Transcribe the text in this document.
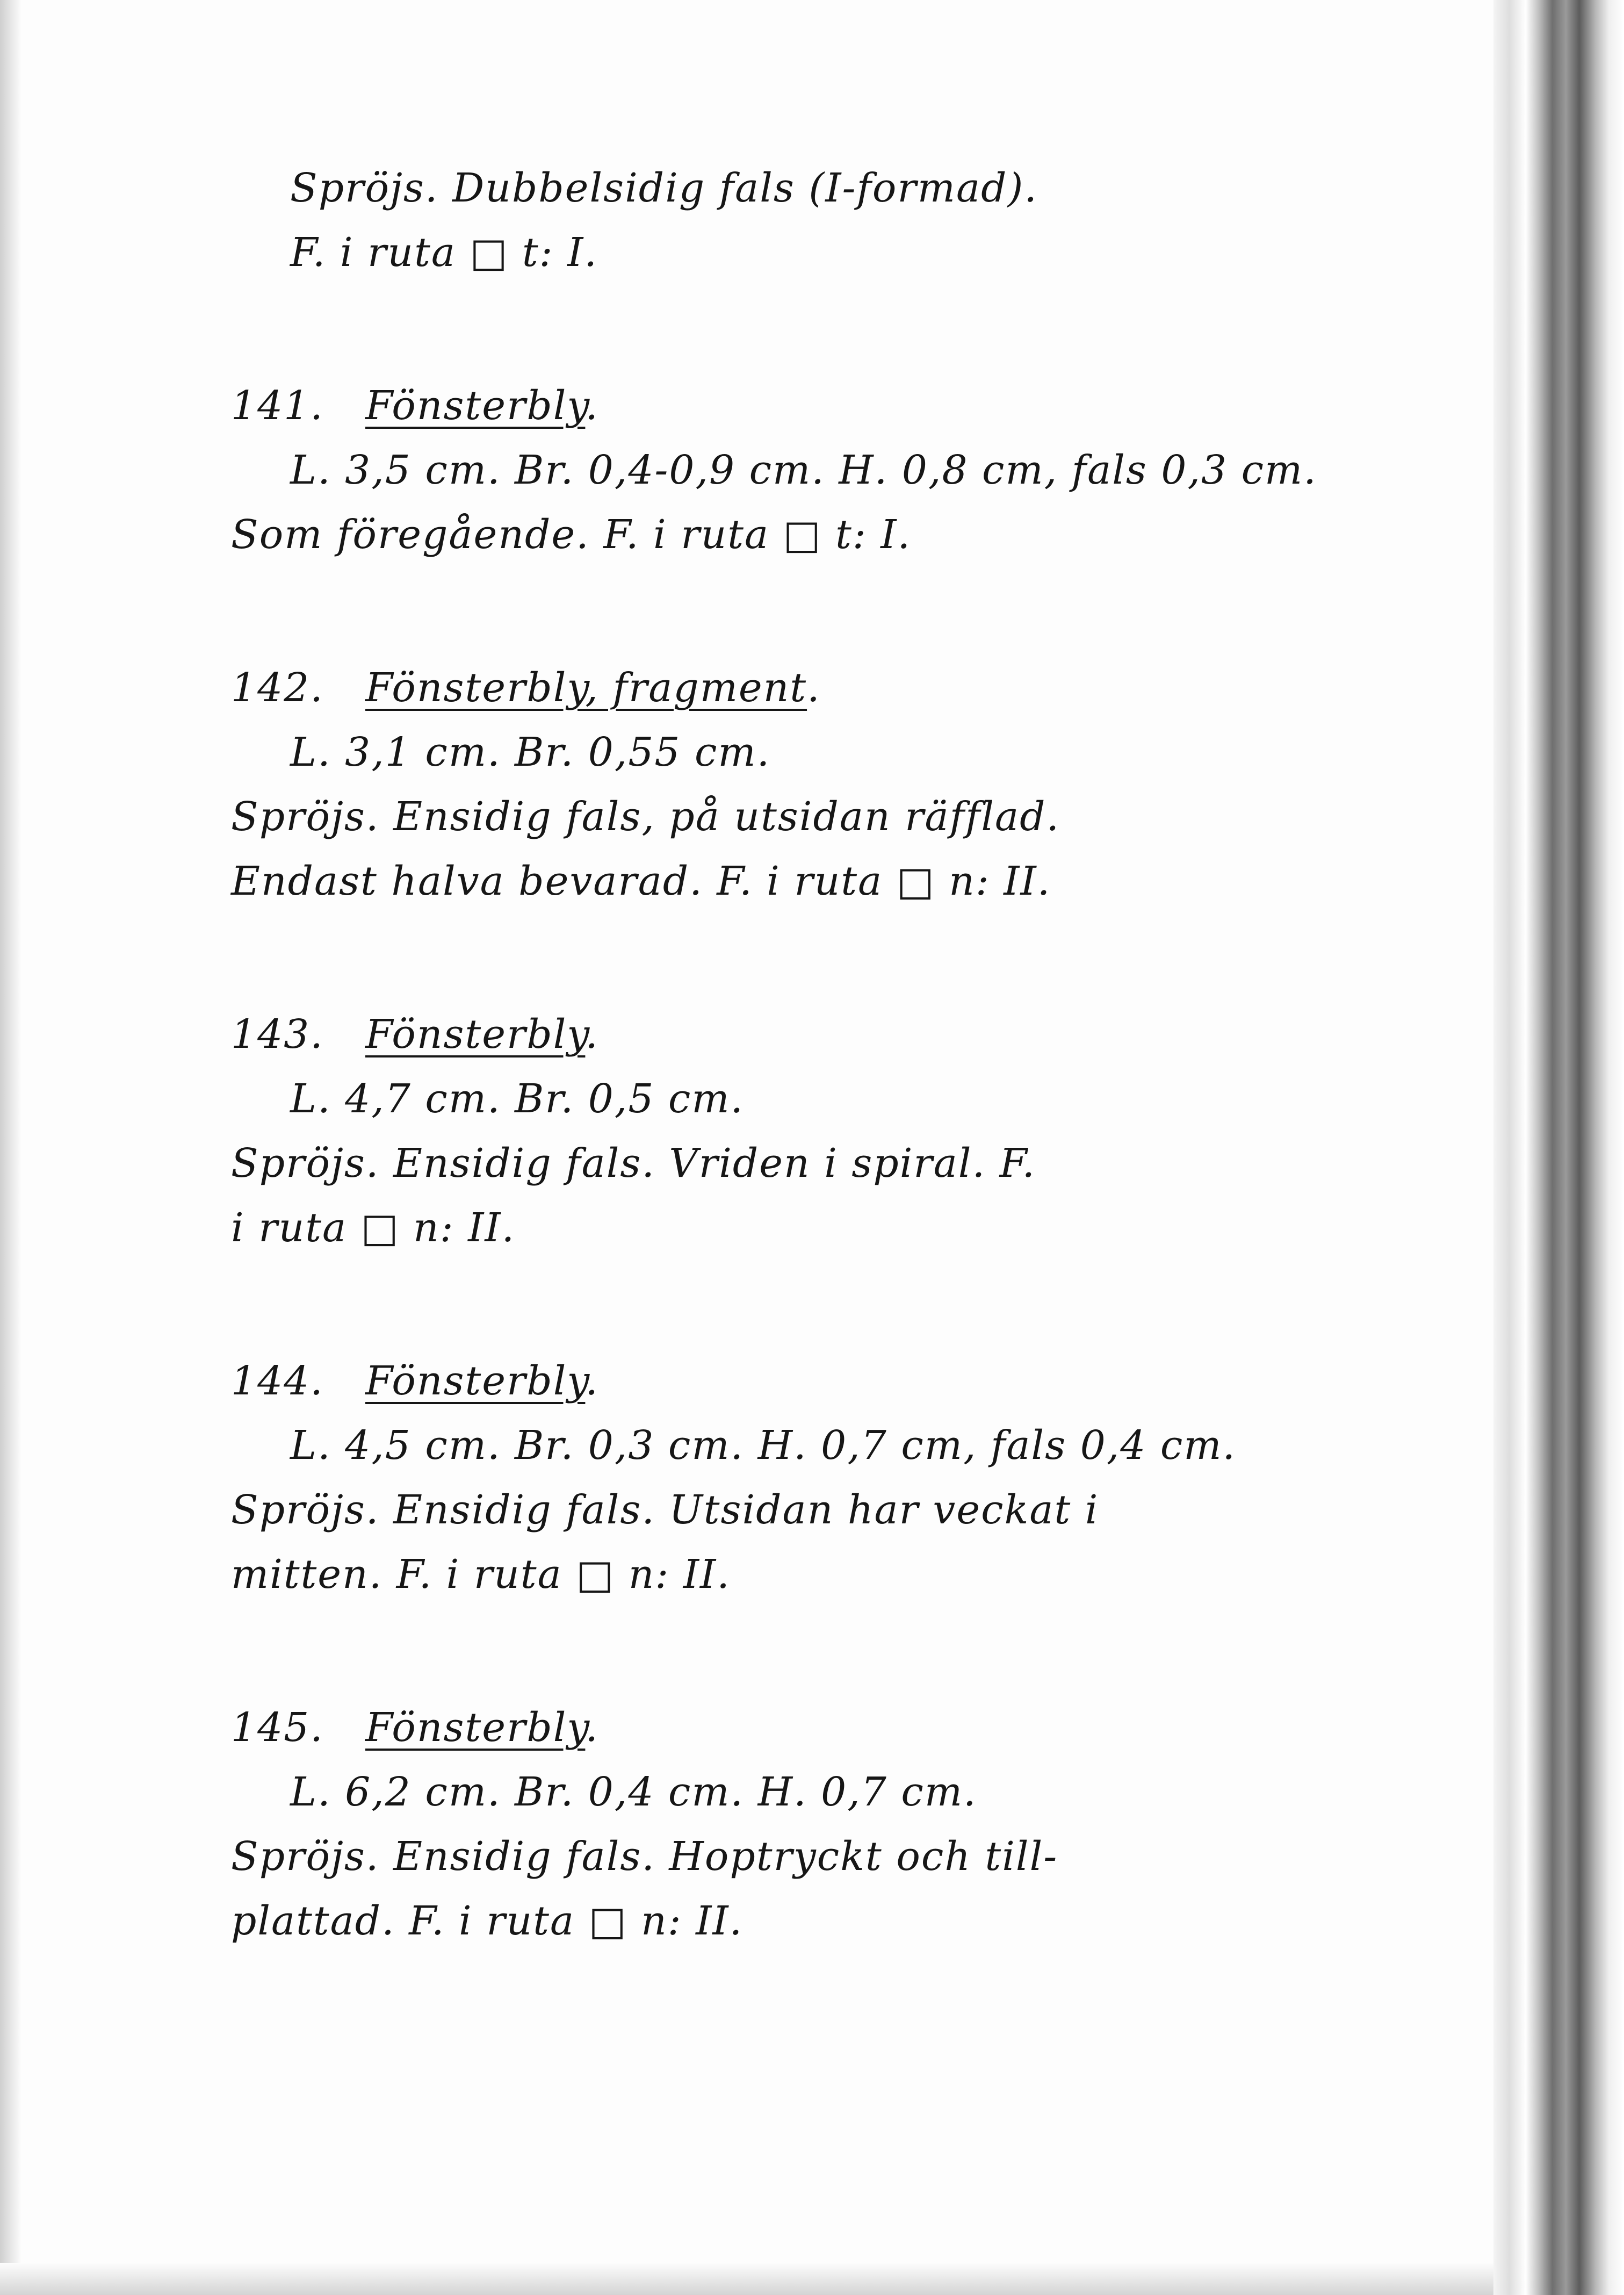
Spröjs. Dubbelsidig fals (I-formad).
F. i ruta □ t: I.
141. Fönsterbly.
L. 3,5 cm. Br. 0,4-0,9 cm. H. 0,8 cm, fals 0,3 cm.
Som föregående. F. i ruta □ t: I.
142. Fönsterbly, fragment.
L. 3,1 cm. Br. 0,55 cm.
Spröjs. Ensidig fals, på utsidan räfflad.
Endast halva bevarad. F. i ruta □ n: II.
143. Fönsterbly.
L. 4,7 cm. Br. 0,5 cm.
Spröjs. Ensidig fals. Vriden i spiral. F.
i ruta □ n: II.
144. Fönsterbly.
L. 4,5 cm. Br. 0,3 cm. H. 0,7 cm, fals 0,4 cm.
Spröjs. Ensidig fals. Utsidan har veckat i
mitten. F. i ruta □ n: II.
145. Fönsterbly.
L. 6,2 cm. Br. 0,4 cm. H. 0,7 cm.
Spröjs. Ensidig fals. Hoptryckt och till-
plattad. F. i ruta □ n: II.
